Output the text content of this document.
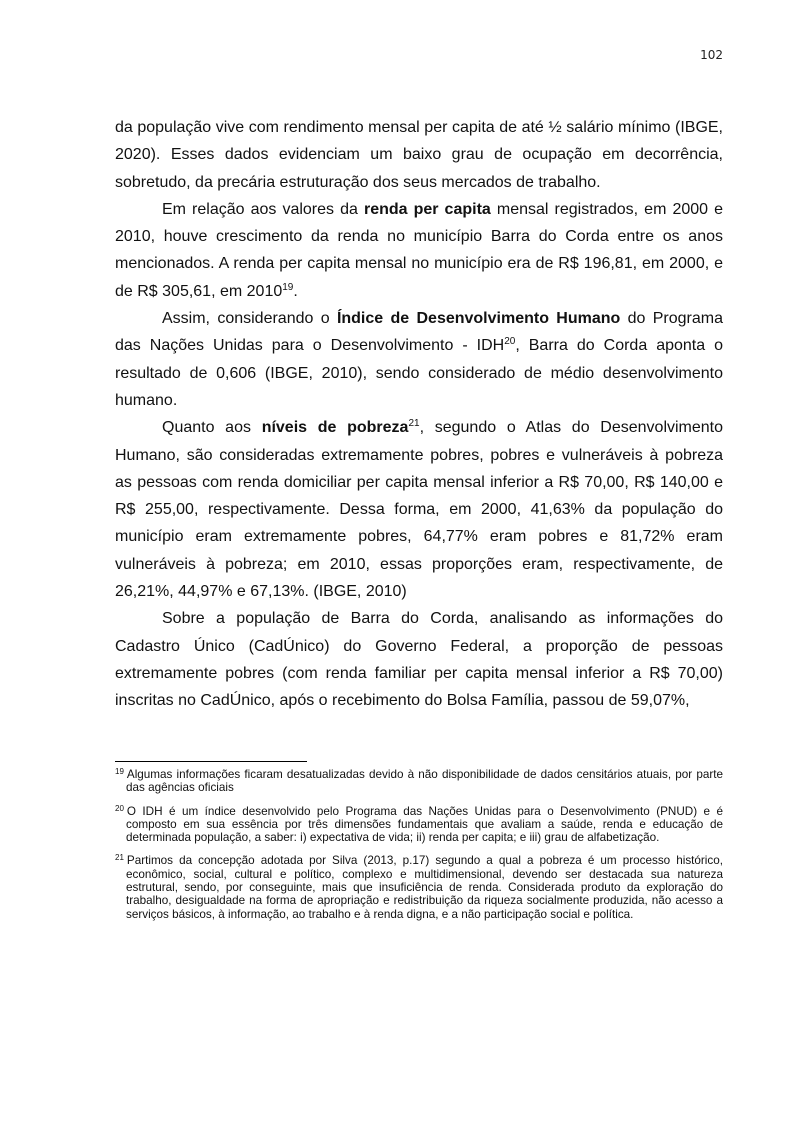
102

da população vive com rendimento mensal per capita de até ½ salário mínimo (IBGE, 2020). Esses dados evidenciam um baixo grau de ocupação em decorrência, sobretudo, da precária estruturação dos seus mercados de trabalho.

Em relação aos valores da renda per capita mensal registrados, em 2000 e 2010, houve crescimento da renda no município Barra do Corda entre os anos mencionados. A renda per capita mensal no município era de R$ 196,81, em 2000, e de R$ 305,61, em 2010$^{19}$.

Assim, considerando o Índice de Desenvolvimento Humano do Programa das Nações Unidas para o Desenvolvimento - IDH$^{20}$, Barra do Corda aponta o resultado de 0,606 (IBGE, 2010), sendo considerado de médio desenvolvimento humano.

Quanto aos níveis de pobreza$^{21}$, segundo o Atlas do Desenvolvimento Humano, são consideradas extremamente pobres, pobres e vulneráveis à pobreza as pessoas com renda domiciliar per capita mensal inferior a R$ 70,00, R$ 140,00 e R$ 255,00, respectivamente. Dessa forma, em 2000, 41,63% da população do município eram extremamente pobres, 64,77% eram pobres e 81,72% eram vulneráveis à pobreza; em 2010, essas proporções eram, respectivamente, de 26,21%, 44,97% e 67,13%. (IBGE, 2010)

Sobre a população de Barra do Corda, analisando as informações do Cadastro Único (CadÚnico) do Governo Federal, a proporção de pessoas extremamente pobres (com renda familiar per capita mensal inferior a R$ 70,00) inscritas no CadÚnico, após o recebimento do Bolsa Família, passou de 59,07%,

$^{19}$ Algumas informações ficaram desatualizadas devido à não disponibilidade de dados censitários atuais, por parte das agências oficiais

$^{20}$ O IDH é um índice desenvolvido pelo Programa das Nações Unidas para o Desenvolvimento (PNUD) e é composto em sua essência por três dimensões fundamentais que avaliam a saúde, renda e educação de determinada população, a saber: i) expectativa de vida; ii) renda per capita; e iii) grau de alfabetização.

$^{21}$ Partimos da concepção adotada por Silva (2013, p.17) segundo a qual a pobreza é um processo histórico, econômico, social, cultural e político, complexo e multidimensional, devendo ser destacada sua natureza estrutural, sendo, por conseguinte, mais que insuficiência de renda. Considerada produto da exploração do trabalho, desigualdade na forma de apropriação e redistribuição da riqueza socialmente produzida, não acesso a serviços básicos, à informação, ao trabalho e à renda digna, e a não participação social e política.
